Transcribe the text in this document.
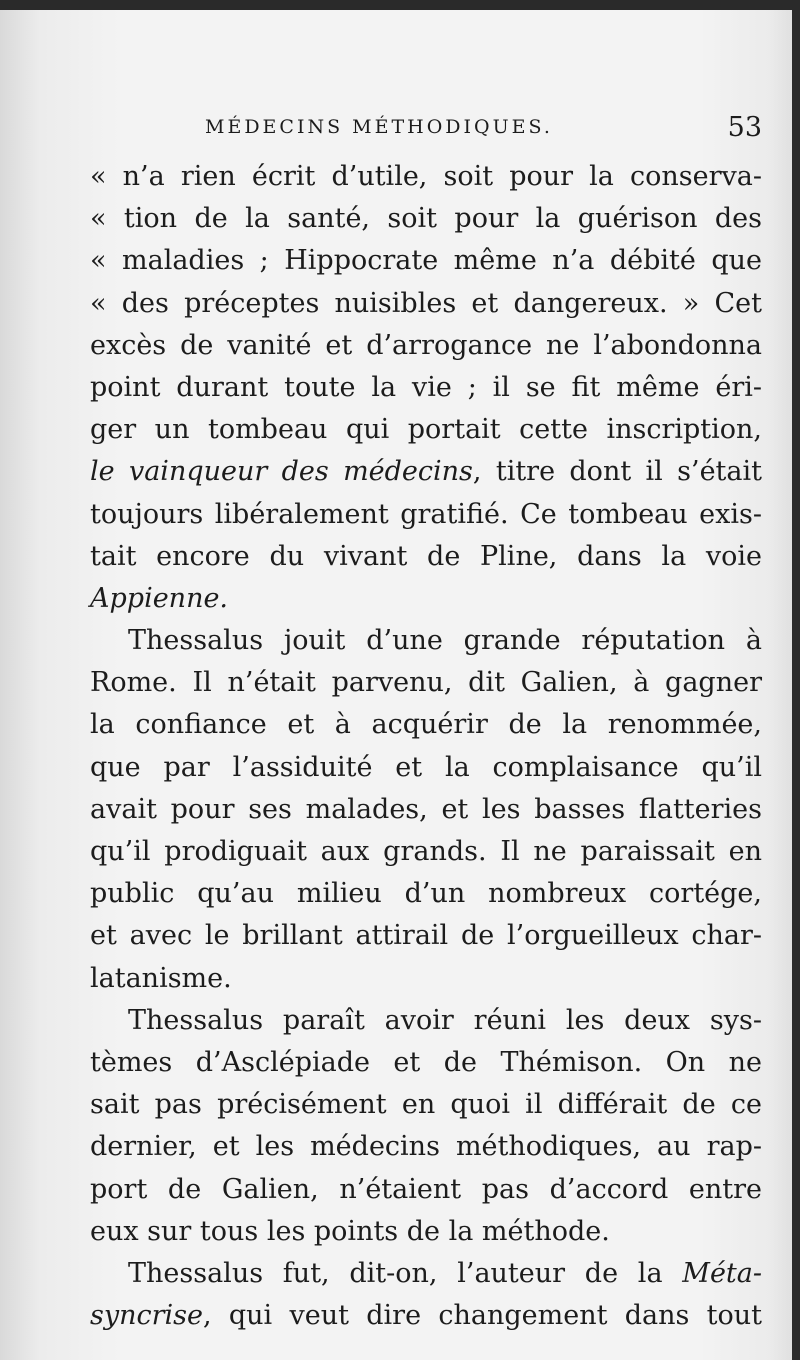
MÉDECINS MÉTHODIQUES.	53
« n’a rien écrit d’utile, soit pour la conserva-
« tion de la santé, soit pour la guérison des
« maladies ; Hippocrate même n’a débité que
« des préceptes nuisibles et dangereux. » Cet
excès de vanité et d’arrogance ne l’abondonna
point durant toute la vie ; il se fit même éri-
ger un tombeau qui portait cette inscription,
le vainqueur des médecins, titre dont il s’était
toujours libéralement gratifié. Ce tombeau exis-
tait encore du vivant de Pline, dans la voie
Appienne.
Thessalus jouit d’une grande réputation à
Rome. Il n’était parvenu, dit Galien, à gagner
la confiance et à acquérir de la renommée,
que par l’assiduité et la complaisance qu’il
avait pour ses malades, et les basses flatteries
qu’il prodiguait aux grands. Il ne paraissait en
public qu’au milieu d’un nombreux cortége,
et avec le brillant attirail de l’orgueilleux char-
latanisme.
Thessalus paraît avoir réuni les deux sys-
tèmes d’Asclépiade et de Thémison. On ne
sait pas précisément en quoi il différait de ce
dernier, et les médecins méthodiques, au rap-
port de Galien, n’étaient pas d’accord entre
eux sur tous les points de la méthode.
Thessalus fut, dit-on, l’auteur de la Méta-
syncrise, qui veut dire changement dans tout
